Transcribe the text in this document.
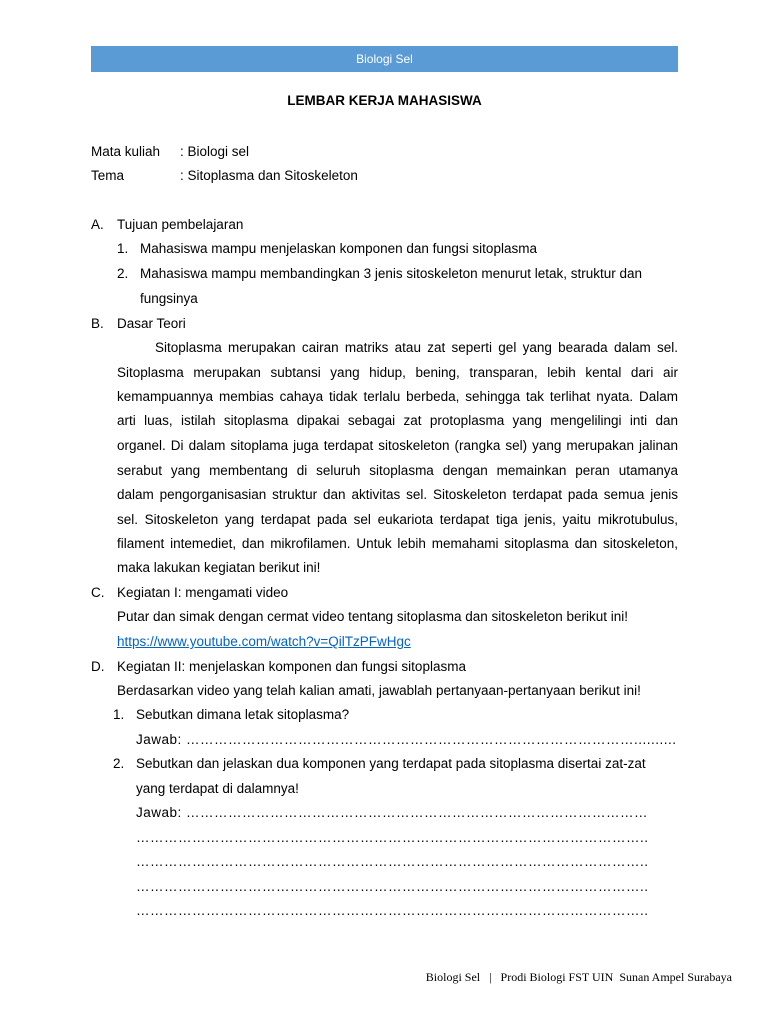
Biologi Sel
LEMBAR KERJA MAHASISWA
Mata kuliah : Biologi sel
Tema	: Sitoplasma dan Sitoskeleton
A. Tujuan pembelajaran
1. Mahasiswa mampu menjelaskan komponen dan fungsi sitoplasma
2. Mahasiswa mampu membandingkan 3 jenis sitoskeleton menurut letak, struktur dan
fungsinya
B. Dasar Teori
Sitoplasma merupakan cairan matriks atau zat seperti gel yang bearada dalam sel.
Sitoplasma merupakan subtansi yang hidup, bening, transparan, lebih kental dari air
kemampuannya membias cahaya tidak terlalu berbeda, sehingga tak terlihat nyata. Dalam
arti luas, istilah sitoplasma dipakai sebagai zat protoplasma yang mengelilingi inti dan
organel. Di dalam sitoplama juga terdapat sitoskeleton (rangka sel) yang merupakan jalinan
serabut yang membentang di seluruh sitoplasma dengan memainkan peran utamanya
dalam pengorganisasian struktur dan aktivitas sel. Sitoskeleton terdapat pada semua jenis
sel. Sitoskeleton yang terdapat pada sel eukariota terdapat tiga jenis, yaitu mikrotubulus,
filament intemediet, dan mikrofilamen. Untuk lebih memahami sitoplasma dan sitoskeleton,
maka lakukan kegiatan berikut ini!
C. Kegiatan I: mengamati video
Putar dan simak dengan cermat video tentang sitoplasma dan sitoskeleton berikut ini!
https://www.youtube.com/watch?v=QilTzPFwHgc
D. Kegiatan II: menjelaskan komponen dan fungsi sitoplasma
Berdasarkan video yang telah kalian amati, jawablah pertanyaan-pertanyaan berikut ini!
1. Sebutkan dimana letak sitoplasma?
Jawab: ……………………………………………………………………………………..........
2. Sebutkan dan jelaskan dua komponen yang terdapat pada sitoplasma disertai zat-zat
yang terdapat di dalamnya!
Jawab: ………………………………………………………………………………………
………………………………………………………………………………………………..
………………………………………………………………………………………………..
………………………………………………………………………………………………..
………………………………………………………………………………………………..
Biologi Sel | Prodi Biologi FST UIN  Sunan Ampel Surabaya
